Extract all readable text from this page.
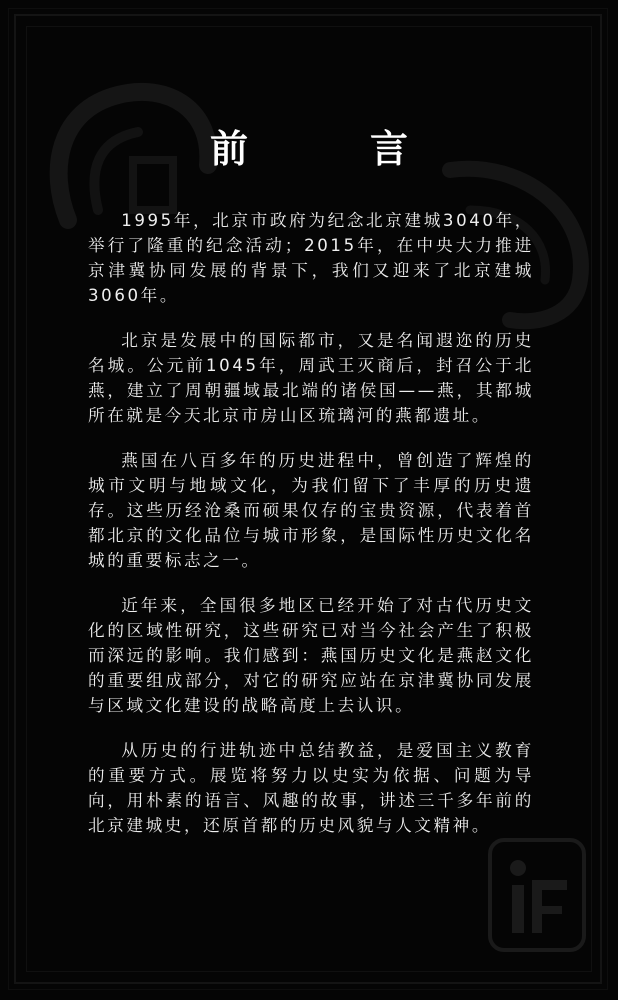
前　言

1995年，北京市政府为纪念北京建城3040年，举行了隆重的纪念活动；2015年，在中央大力推进京津冀协同发展的背景下，我们又迎来了北京建城3060年。

北京是发展中的国际都市，又是名闻遐迩的历史名城。公元前1045年，周武王灭商后，封召公于北燕，建立了周朝疆域最北端的诸侯国——燕，其都城所在就是今天北京市房山区琉璃河的燕都遗址。

燕国在八百多年的历史进程中，曾创造了辉煌的城市文明与地域文化，为我们留下了丰厚的历史遗存。这些历经沧桑而硕果仅存的宝贵资源，代表着首都北京的文化品位与城市形象，是国际性历史文化名城的重要标志之一。

近年来，全国很多地区已经开始了对古代历史文化的区域性研究，这些研究已对当今社会产生了积极而深远的影响。我们感到：燕国历史文化是燕赵文化的重要组成部分，对它的研究应站在京津冀协同发展与区域文化建设的战略高度上去认识。

从历史的行进轨迹中总结教益，是爱国主义教育的重要方式。展览将努力以史实为依据、问题为导向，用朴素的语言、风趣的故事，讲述三千多年前的北京建城史，还原首都的历史风貌与人文精神。
